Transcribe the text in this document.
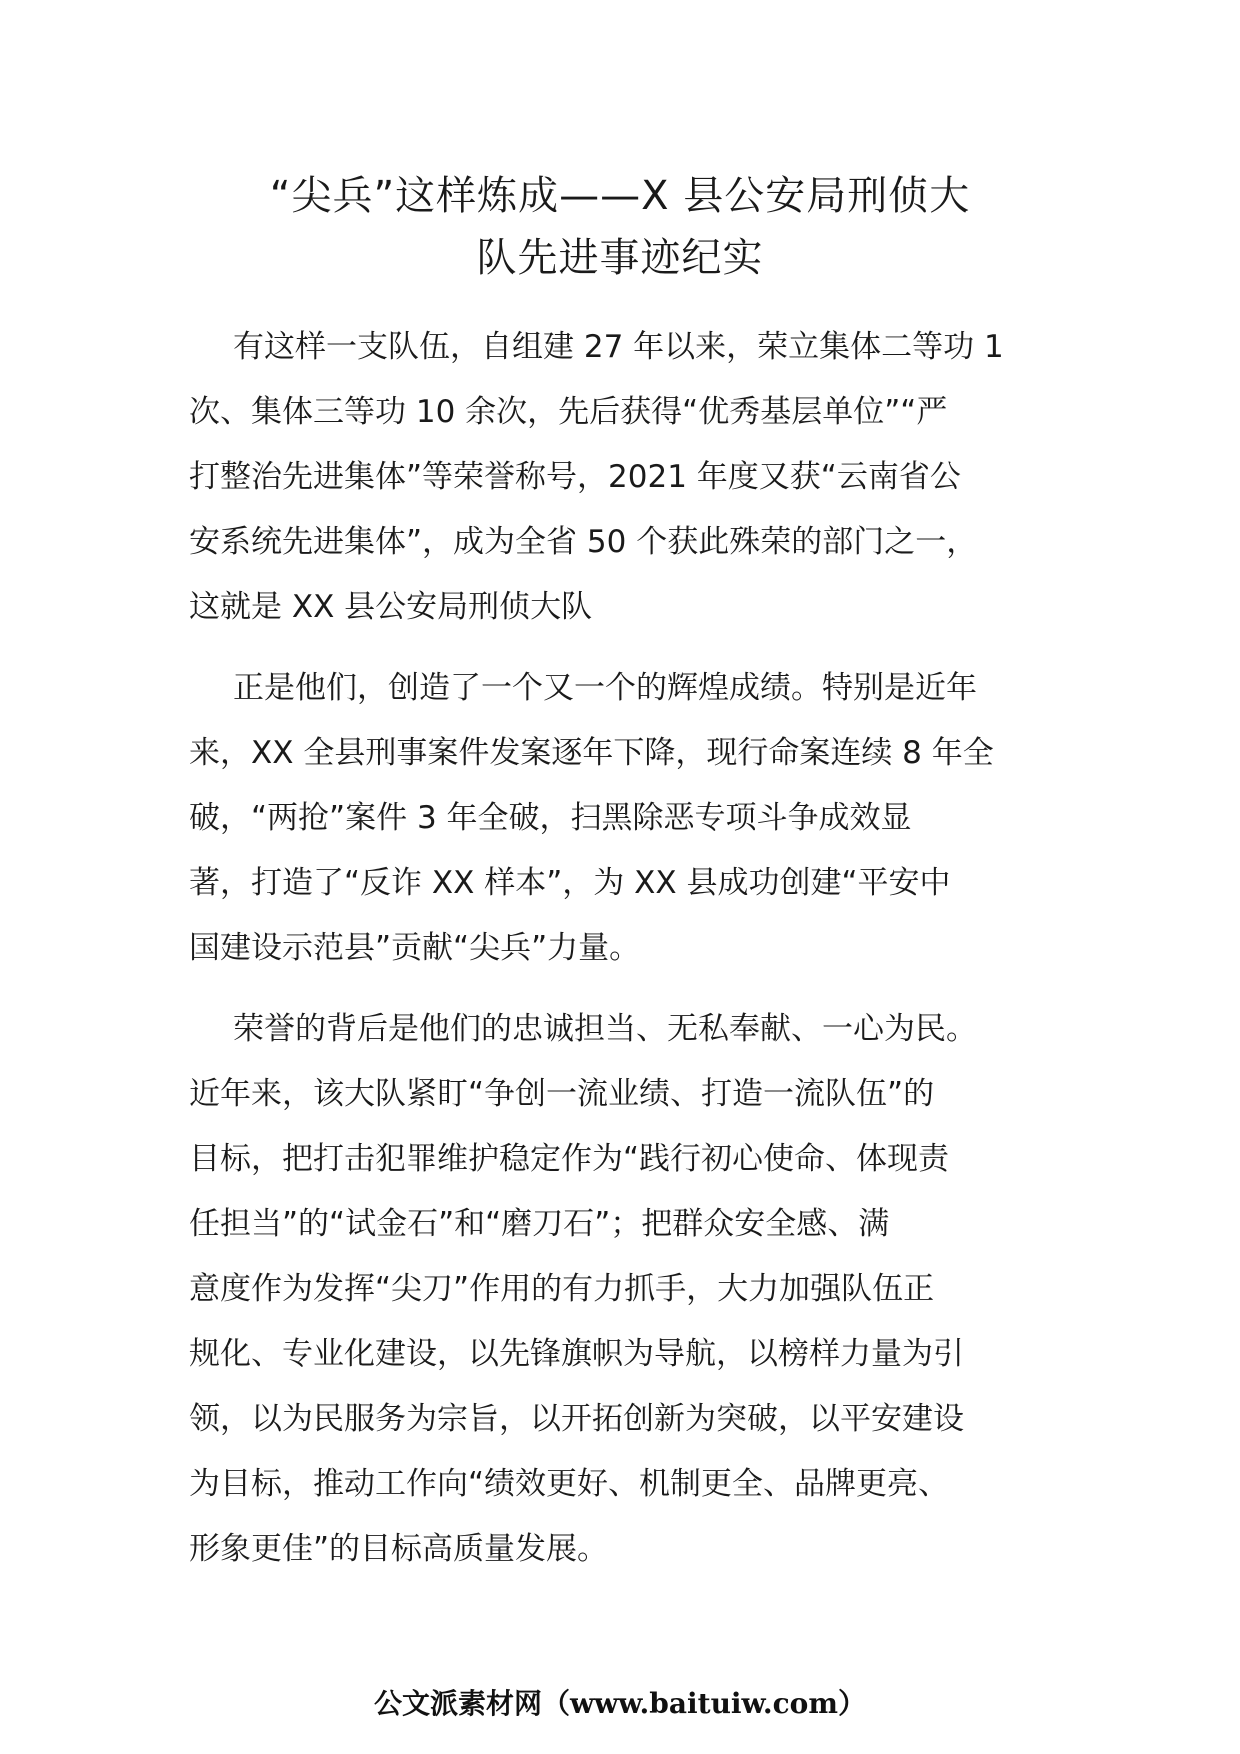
“尖兵”这样炼成——X 县公安局刑侦大
队先进事迹纪实

有这样一支队伍，自组建 27 年以来，荣立集体二等功 1
次、集体三等功 10 余次，先后获得“优秀基层单位”“严
打整治先进集体”等荣誉称号，2021 年度又获“云南省公
安系统先进集体”，成为全省 50 个获此殊荣的部门之一，
这就是 XX 县公安局刑侦大队

正是他们，创造了一个又一个的辉煌成绩。特别是近年
来，XX 全县刑事案件发案逐年下降，现行命案连续 8 年全
破，“两抢”案件 3 年全破，扫黑除恶专项斗争成效显
著，打造了“反诈 XX 样本”，为 XX 县成功创建“平安中
国建设示范县”贡献“尖兵”力量。

荣誉的背后是他们的忠诚担当、无私奉献、一心为民。
近年来，该大队紧盯“争创一流业绩、打造一流队伍”的
目标，把打击犯罪维护稳定作为“践行初心使命、体现责
任担当”的“试金石”和“磨刀石”；把群众安全感、满
意度作为发挥“尖刀”作用的有力抓手，大力加强队伍正
规化、专业化建设，以先锋旗帜为导航，以榜样力量为引
领，以为民服务为宗旨，以开拓创新为突破，以平安建设
为目标，推动工作向“绩效更好、机制更全、品牌更亮、
形象更佳”的目标高质量发展。

公文派素材网（www.baituiw.com）
